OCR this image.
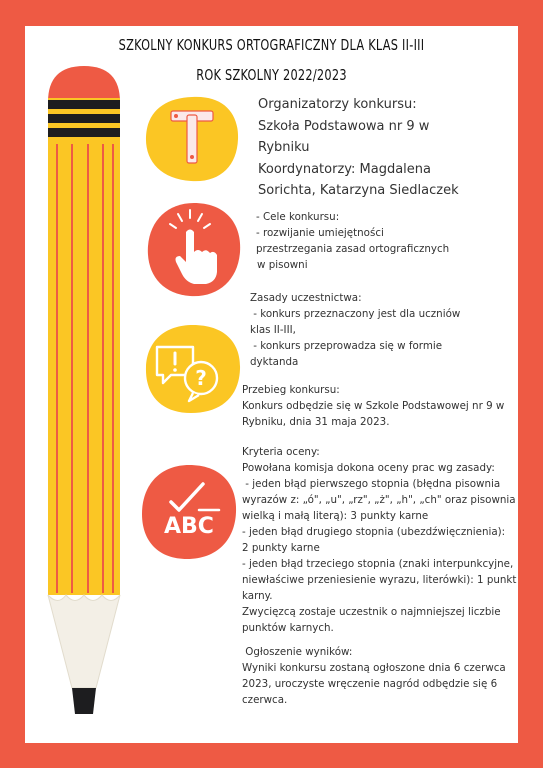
SZKOLNY KONKURS ORTOGRAFICZNY DLA KLAS II-III
ROK SZKOLNY 2022/2023
?
ABC
Organizatorzy konkursu:
Szkoła Podstawowa nr 9 w
Rybniku
Koordynatorzy: Magdalena
Sorichta, Katarzyna Siedlaczek
- Cele konkursu:
- rozwijanie umiejętności
przestrzegania zasad ortograficznych
w pisowni
Zasady uczestnictwa:
- konkurs przeznaczony jest dla uczniów
klas II-III,
- konkurs przeprowadza się w formie
dyktanda
Przebieg konkursu:
Konkurs odbędzie się w Szkole Podstawowej nr 9 w
Rybniku, dnia 31 maja 2023.
Kryteria oceny:
Powołana komisja dokona oceny prac wg zasady:
- jeden błąd pierwszego stopnia (błędna pisownia
wyrazów z: „ó", „u", „rz", „ż", „h", „ch" oraz pisownia
wielką i małą literą): 3 punkty karne
- jeden błąd drugiego stopnia (ubezdźwięcznienia):
2 punkty karne
- jeden błąd trzeciego stopnia (znaki interpunkcyjne,
niewłaściwe przeniesienie wyrazu, literówki): 1 punkt
karny.
Zwycięzcą zostaje uczestnik o najmniejszej liczbie
punktów karnych.
Ogłoszenie wyników:
Wyniki konkursu zostaną ogłoszone dnia 6 czerwca
2023, uroczyste wręczenie nagród odbędzie się 6
czerwca.
